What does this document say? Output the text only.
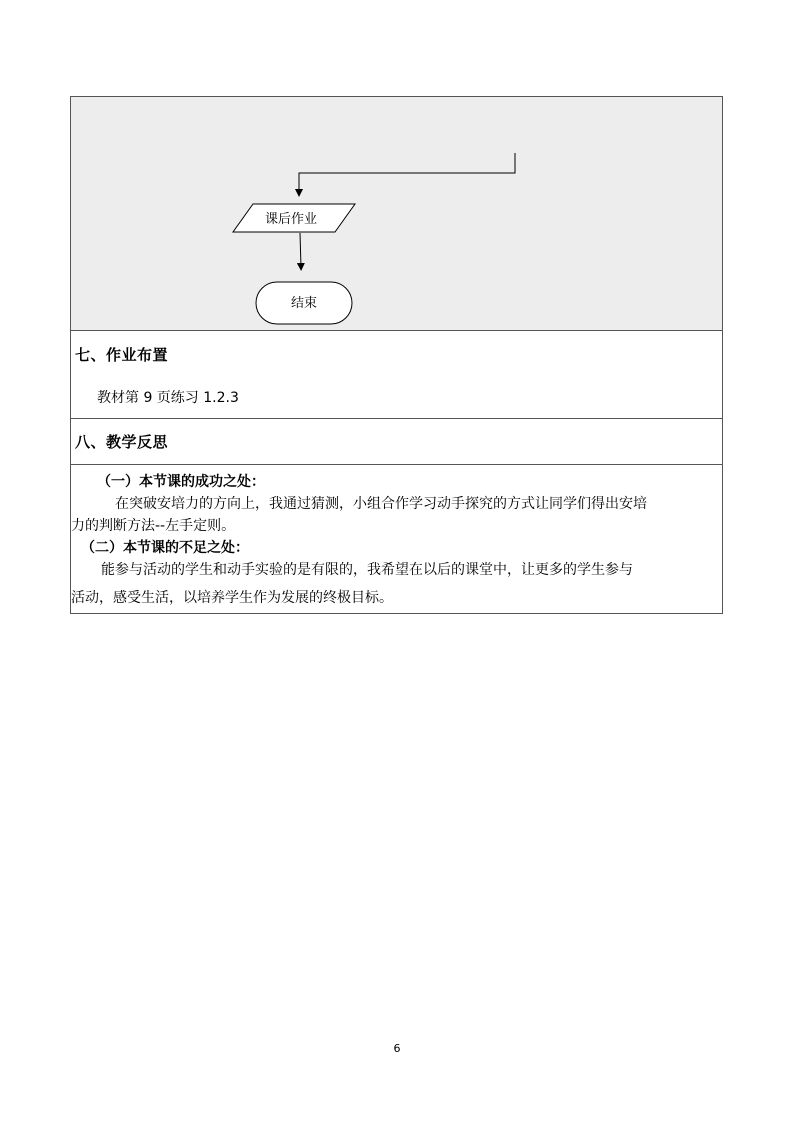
课后作业
结束
七、作业布置
教材第 9 页练习 1.2.3
八、教学反思
（一）本节课的成功之处：
在突破安培力的方向上，我通过猜测，小组合作学习动手探究的方式让同学们得出安培
力的判断方法--左手定则。
（二）本节课的不足之处：
能参与活动的学生和动手实验的是有限的，我希望在以后的课堂中，让更多的学生参与
活动，感受生活，以培养学生作为发展的终极目标。
6
